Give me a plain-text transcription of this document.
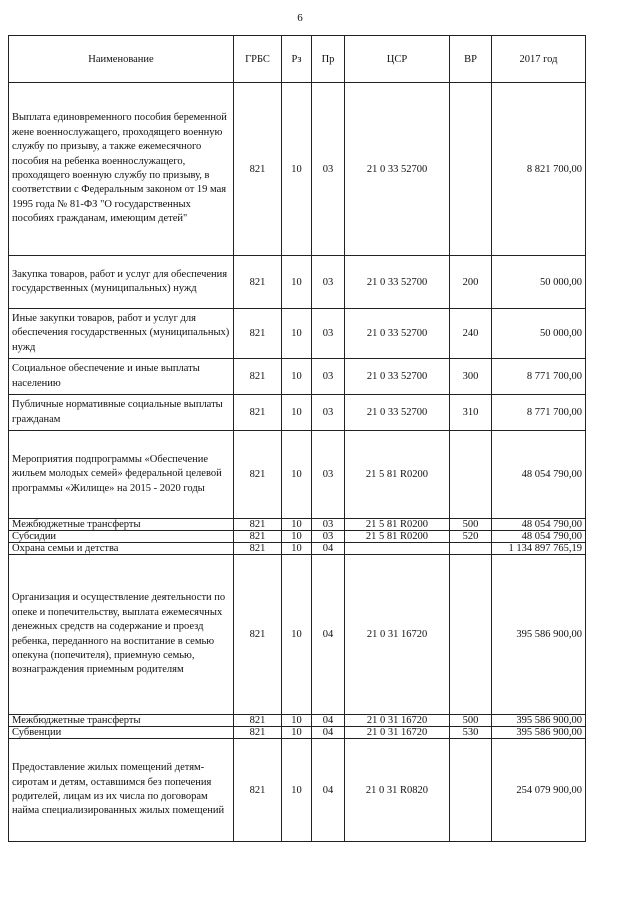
6
Наименование	ГРБС	Рз	Пр	ЦСР	ВР	2017 год
Выплата единовременного пособия беременной жене военнослужащего, проходящего военную службу по призыву, а также ежемесячного пособия на ребенка военнослужащего, проходящего военную службу по призыву, в соответствии с Федеральным законом от 19 мая 1995 года № 81-ФЗ "О государственных пособиях гражданам, имеющим детей"	821	10	03	21 0 33 52700		8 821 700,00
Закупка товаров, работ и услуг для обеспечения государственных (муниципальных) нужд	821	10	03	21 0 33 52700	200	50 000,00
Иные закупки товаров, работ и услуг для обеспечения государственных (муниципальных) нужд	821	10	03	21 0 33 52700	240	50 000,00
Социальное обеспечение и иные выплаты населению	821	10	03	21 0 33 52700	300	8 771 700,00
Публичные нормативные социальные выплаты гражданам	821	10	03	21 0 33 52700	310	8 771 700,00
Мероприятия подпрограммы «Обеспечение жильем молодых семей» федеральной целевой программы «Жилище» на 2015 - 2020 годы	821	10	03	21 5 81 R0200		48 054 790,00
Межбюджетные трансферты	821	10	03	21 5 81 R0200	500	48 054 790,00
Субсидии	821	10	03	21 5 81 R0200	520	48 054 790,00
Охрана семьи и детства	821	10	04			1 134 897 765,19
Организация и осуществление деятельности по опеке и попечительству, выплата ежемесячных денежных средств на содержание и проезд ребенка, переданного на воспитание в семью опекуна (попечителя), приемную семью, вознаграждения приемным родителям	821	10	04	21 0 31 16720		395 586 900,00
Межбюджетные трансферты	821	10	04	21 0 31 16720	500	395 586 900,00
Субвенции	821	10	04	21 0 31 16720	530	395 586 900,00
Предоставление жилых помещений детям-сиротам и детям, оставшимся без попечения родителей, лицам из их числа по договорам найма специализированных жилых помещений	821	10	04	21 0 31 R0820		254 079 900,00
